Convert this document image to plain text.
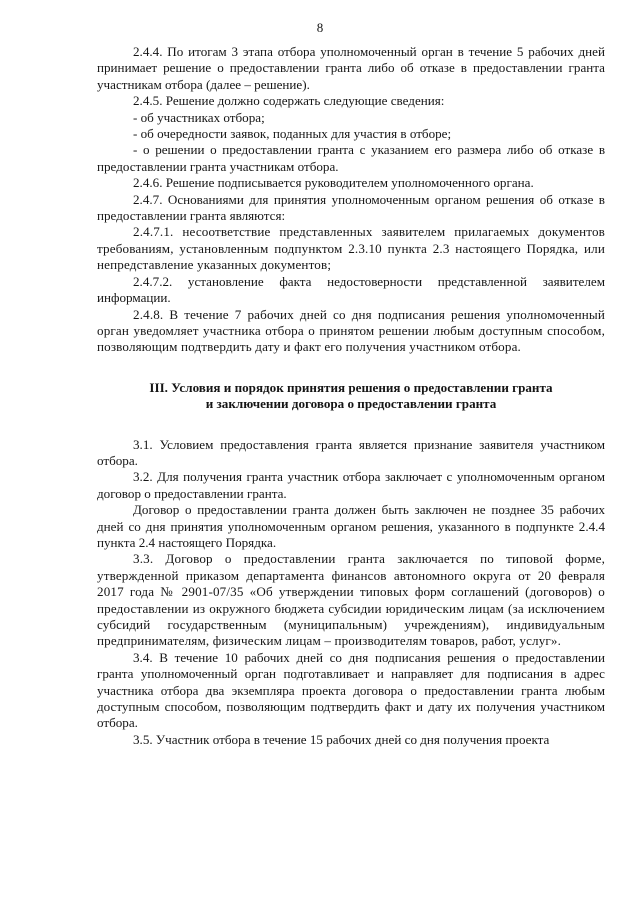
8

2.4.4. По итогам 3 этапа отбора уполномоченный орган в течение 5 рабочих дней принимает решение о предоставлении гранта либо об отказе в предоставлении гранта участникам отбора (далее – решение).

2.4.5. Решение должно содержать следующие сведения:

- об участниках отбора;

- об очередности заявок, поданных для участия в отборе;

- о решении о предоставлении гранта с указанием его размера либо об отказе в предоставлении гранта участникам отбора.

2.4.6. Решение подписывается руководителем уполномоченного органа.

2.4.7. Основаниями для принятия уполномоченным органом решения об отказе в предоставлении гранта являются:

2.4.7.1. несоответствие представленных заявителем прилагаемых документов требованиям, установленным подпунктом 2.3.10 пункта 2.3 настоящего Порядка, или непредставление указанных документов;

2.4.7.2. установление факта недостоверности представленной заявителем информации.

2.4.8. В течение 7 рабочих дней со дня подписания решения уполномоченный орган уведомляет участника отбора о принятом решении любым доступным способом, позволяющим подтвердить дату и факт его получения участником отбора.

III. Условия и порядок принятия решения о предоставлении гранта
и заключении договора о предоставлении гранта

3.1. Условием предоставления гранта является признание заявителя участником отбора.

3.2. Для получения гранта участник отбора заключает с уполномоченным органом договор о предоставлении гранта.

Договор о предоставлении гранта должен быть заключен не позднее 35 рабочих дней со дня принятия уполномоченным органом решения, указанного в подпункте 2.4.4 пункта 2.4 настоящего Порядка.

3.3. Договор о предоставлении гранта заключается по типовой форме, утвержденной приказом департамента финансов автономного округа от 20 февраля 2017 года № 2901-07/35 «Об утверждении типовых форм соглашений (договоров) о предоставлении из окружного бюджета субсидии юридическим лицам (за исключением субсидий государственным (муниципальным) учреждениям), индивидуальным предпринимателям, физическим лицам – производителям товаров, работ, услуг».

3.4. В течение 10 рабочих дней со дня подписания решения о предоставлении гранта уполномоченный орган подготавливает и направляет для подписания в адрес участника отбора два экземпляра проекта договора о предоставлении гранта любым доступным способом, позволяющим подтвердить факт и дату их получения участником отбора.

3.5. Участник отбора в течение 15 рабочих дней со дня получения проекта
